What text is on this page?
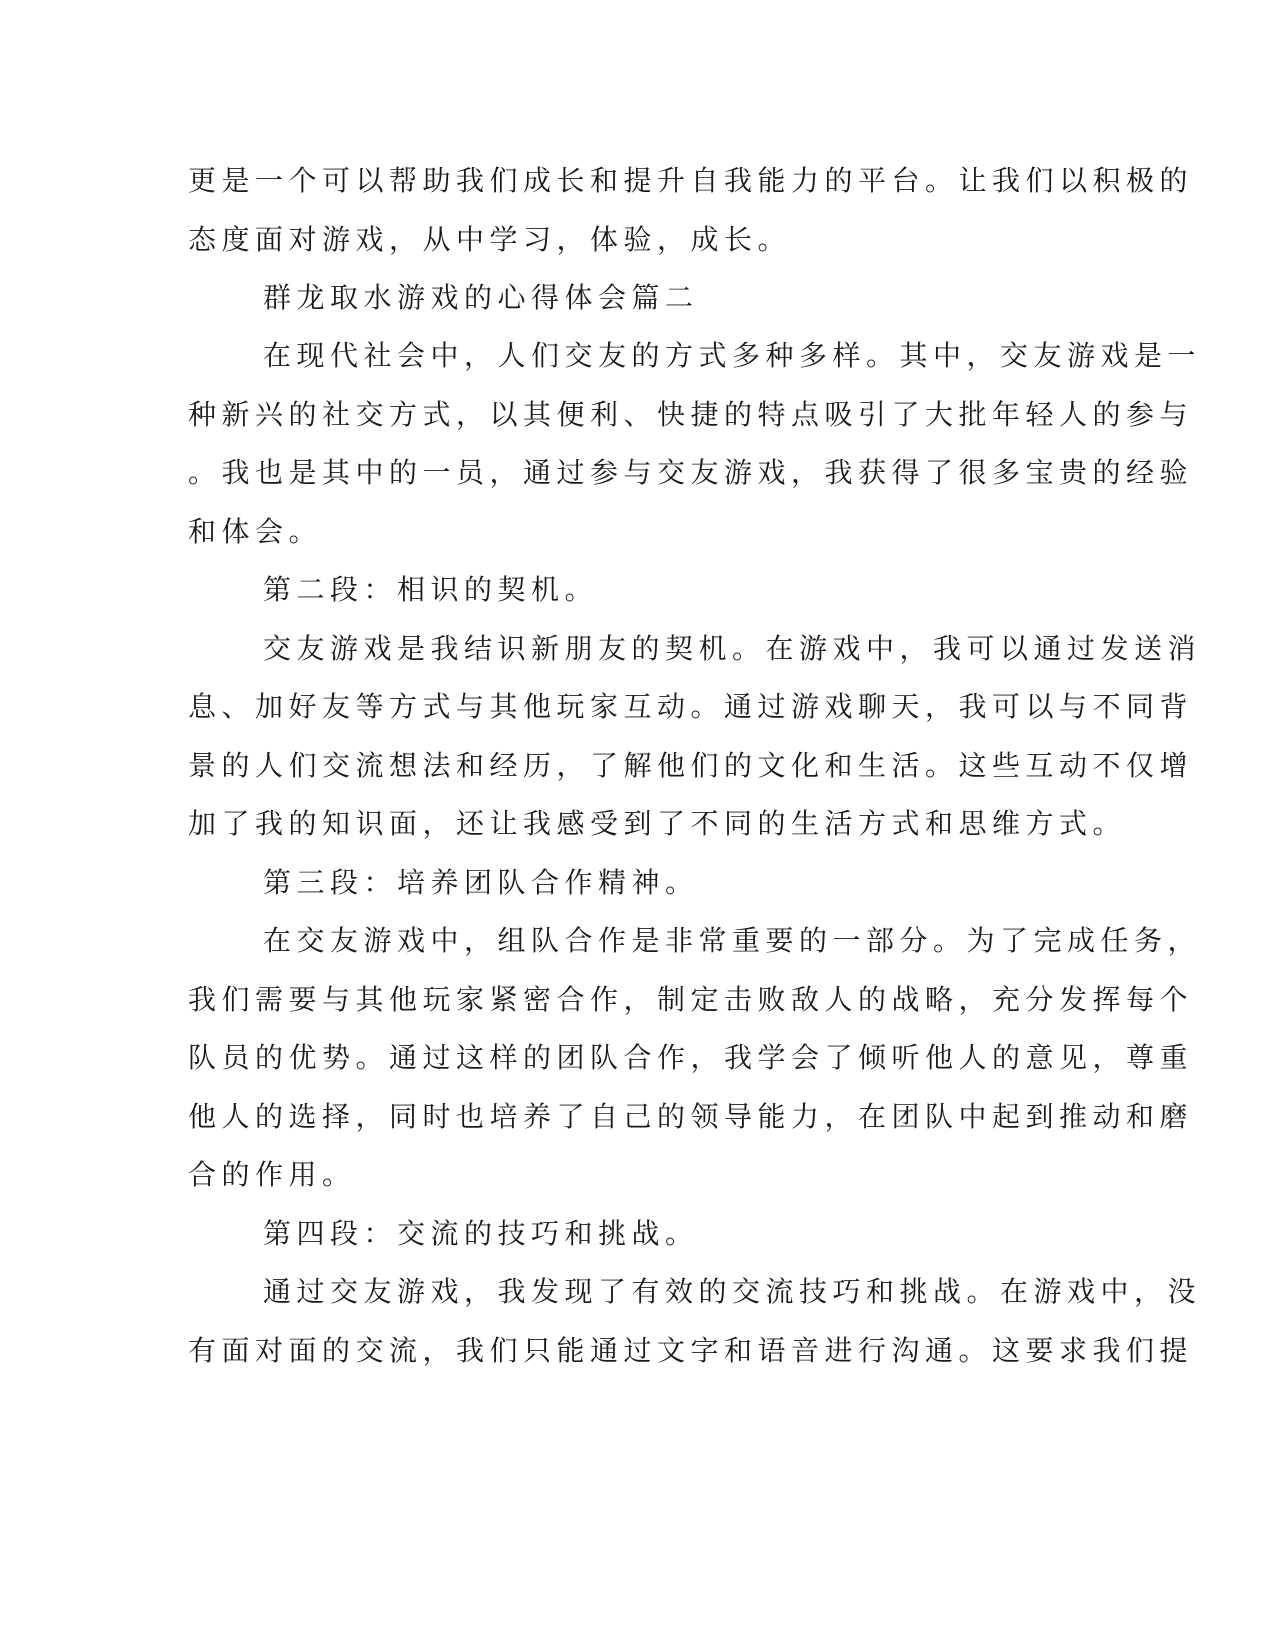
更是一个可以帮助我们成长和提升自我能力的平台。让我们以积极的
态度面对游戏，从中学习，体验，成长。
群龙取水游戏的心得体会篇二
在现代社会中，人们交友的方式多种多样。其中，交友游戏是一
种新兴的社交方式，以其便利、快捷的特点吸引了大批年轻人的参与
。我也是其中的一员，通过参与交友游戏，我获得了很多宝贵的经验
和体会。
第二段：相识的契机。
交友游戏是我结识新朋友的契机。在游戏中，我可以通过发送消
息、加好友等方式与其他玩家互动。通过游戏聊天，我可以与不同背
景的人们交流想法和经历，了解他们的文化和生活。这些互动不仅增
加了我的知识面，还让我感受到了不同的生活方式和思维方式。
第三段：培养团队合作精神。
在交友游戏中，组队合作是非常重要的一部分。为了完成任务，
我们需要与其他玩家紧密合作，制定击败敌人的战略，充分发挥每个
队员的优势。通过这样的团队合作，我学会了倾听他人的意见，尊重
他人的选择，同时也培养了自己的领导能力，在团队中起到推动和磨
合的作用。
第四段：交流的技巧和挑战。
通过交友游戏，我发现了有效的交流技巧和挑战。在游戏中，没
有面对面的交流，我们只能通过文字和语音进行沟通。这要求我们提
